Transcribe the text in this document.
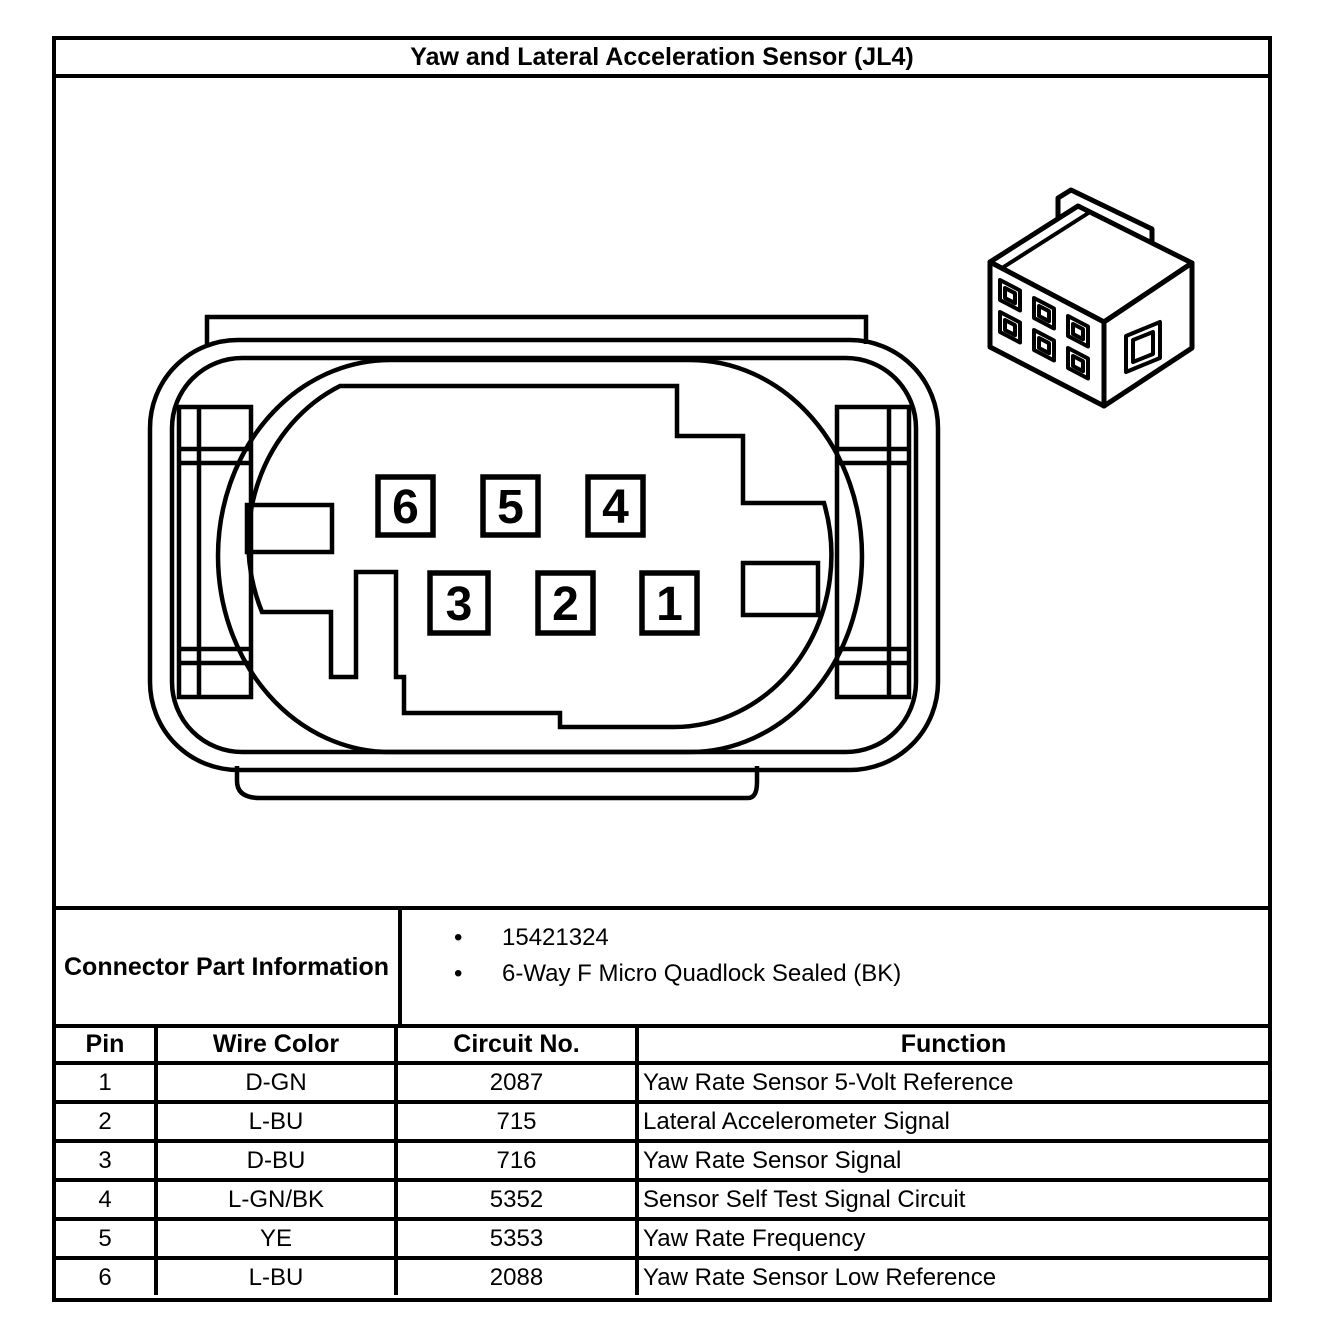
Yaw and Lateral Acceleration Sensor (JL4)
6 5 4
3 2 1
Connector Part Information
•	15421324
•	6-Way F Micro Quadlock Sealed (BK)
Pin	Wire Color	Circuit No.	Function
1	D-GN	2087	Yaw Rate Sensor 5-Volt Reference
2	L-BU	715	Lateral Accelerometer Signal
3	D-BU	716	Yaw Rate Sensor Signal
4	L-GN/BK	5352	Sensor Self Test Signal Circuit
5	YE	5353	Yaw Rate Frequency
6	L-BU	2088	Yaw Rate Sensor Low Reference
